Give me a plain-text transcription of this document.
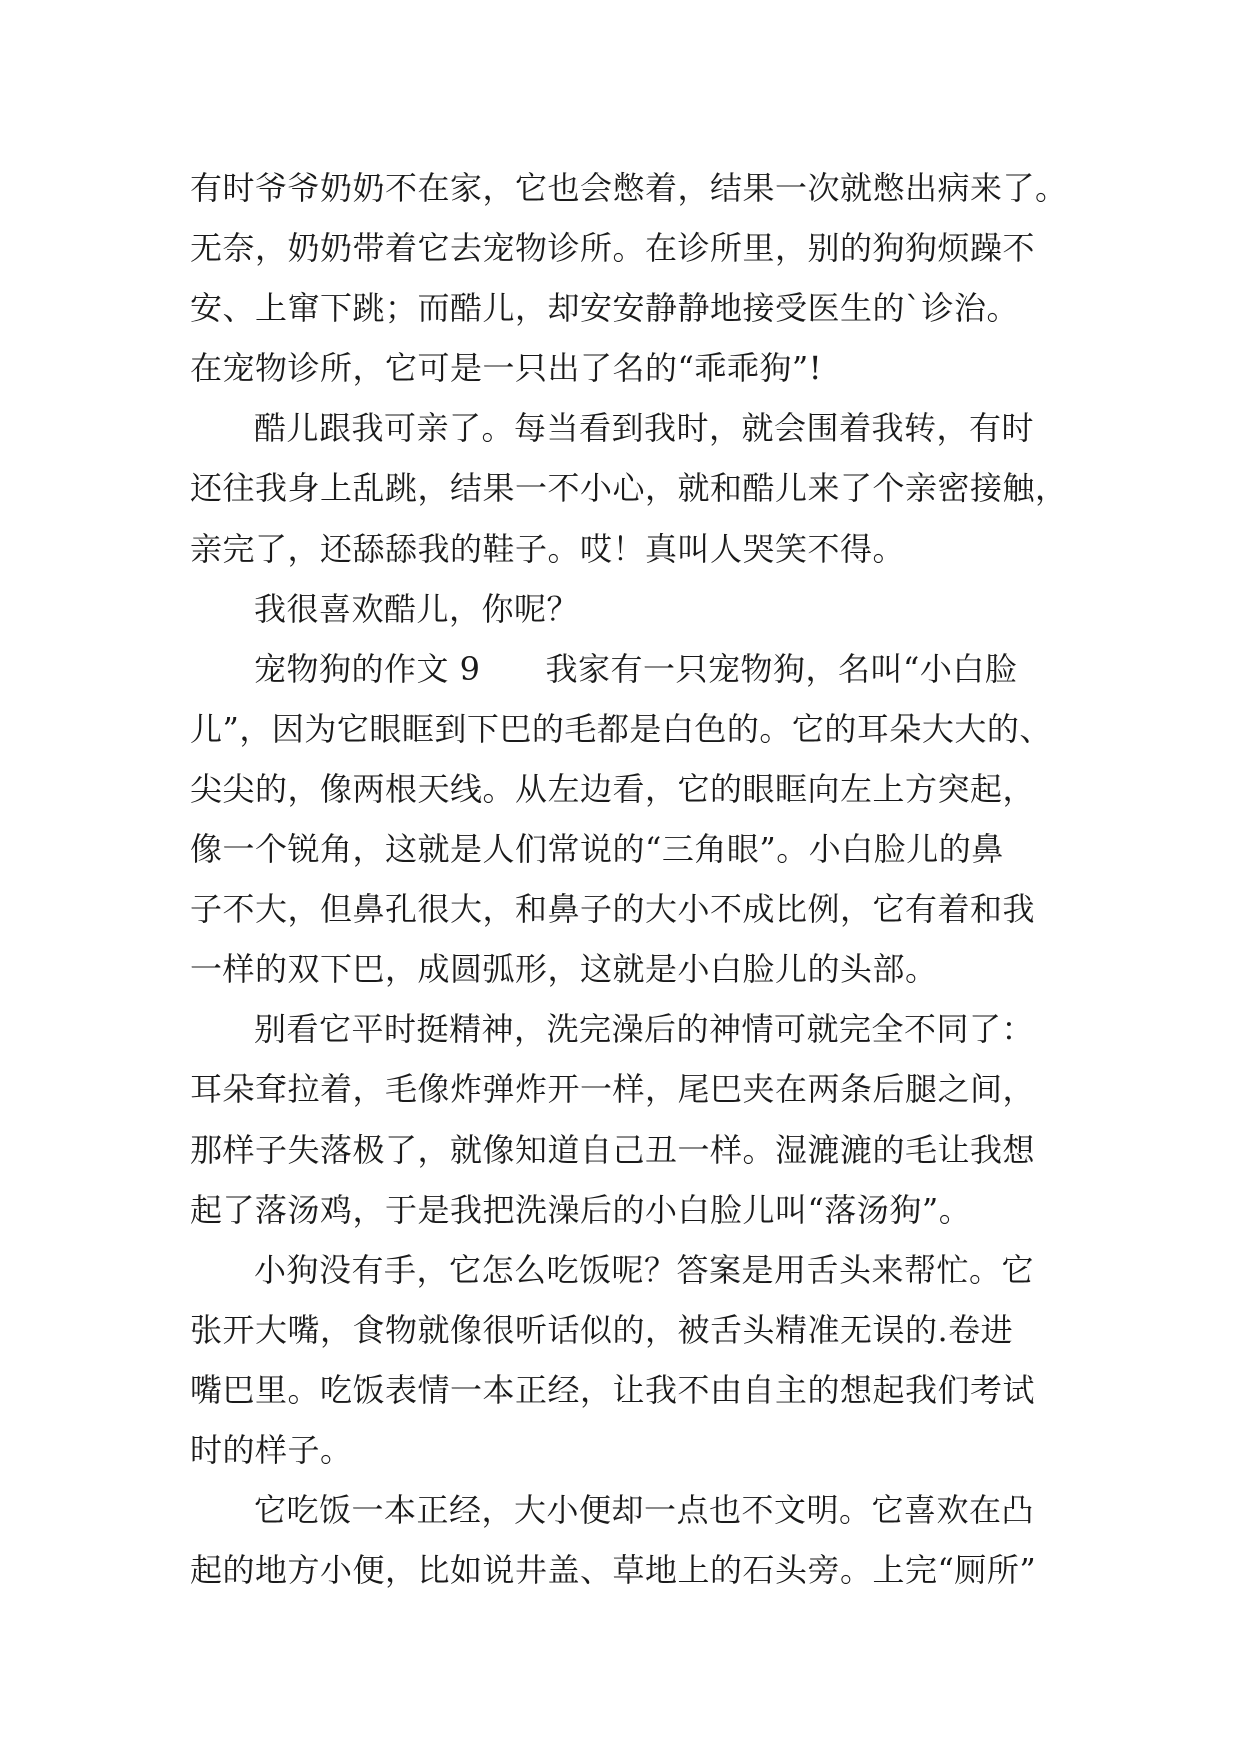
有时爷爷奶奶不在家，它也会憋着，结果一次就憋出病来了。
无奈，奶奶带着它去宠物诊所。在诊所里，别的狗狗烦躁不
安、上窜下跳；而酷儿，却安安静静地接受医生的`诊治。
在宠物诊所，它可是一只出了名的“乖乖狗”!
酷儿跟我可亲了。每当看到我时，就会围着我转，有时
还往我身上乱跳，结果一不小心，就和酷儿来了个亲密接触，
亲完了，还舔舔我的鞋子。哎！真叫人哭笑不得。
我很喜欢酷儿，你呢？
宠物狗的作文 9　　我家有一只宠物狗，名叫“小白脸
儿”，因为它眼眶到下巴的毛都是白色的。它的耳朵大大的、
尖尖的，像两根天线。从左边看，它的眼眶向左上方突起，
像一个锐角，这就是人们常说的“三角眼”。小白脸儿的鼻
子不大，但鼻孔很大，和鼻子的大小不成比例，它有着和我
一样的双下巴，成圆弧形，这就是小白脸儿的头部。
别看它平时挺精神，洗完澡后的神情可就完全不同了：
耳朵耷拉着，毛像炸弹炸开一样，尾巴夹在两条后腿之间，
那样子失落极了，就像知道自己丑一样。湿漉漉的毛让我想
起了落汤鸡，于是我把洗澡后的小白脸儿叫“落汤狗”。
小狗没有手，它怎么吃饭呢？答案是用舌头来帮忙。它
张开大嘴，食物就像很听话似的，被舌头精准无误的.卷进
嘴巴里。吃饭表情一本正经，让我不由自主的想起我们考试
时的样子。
它吃饭一本正经，大小便却一点也不文明。它喜欢在凸
起的地方小便，比如说井盖、草地上的石头旁。上完“厕所”
